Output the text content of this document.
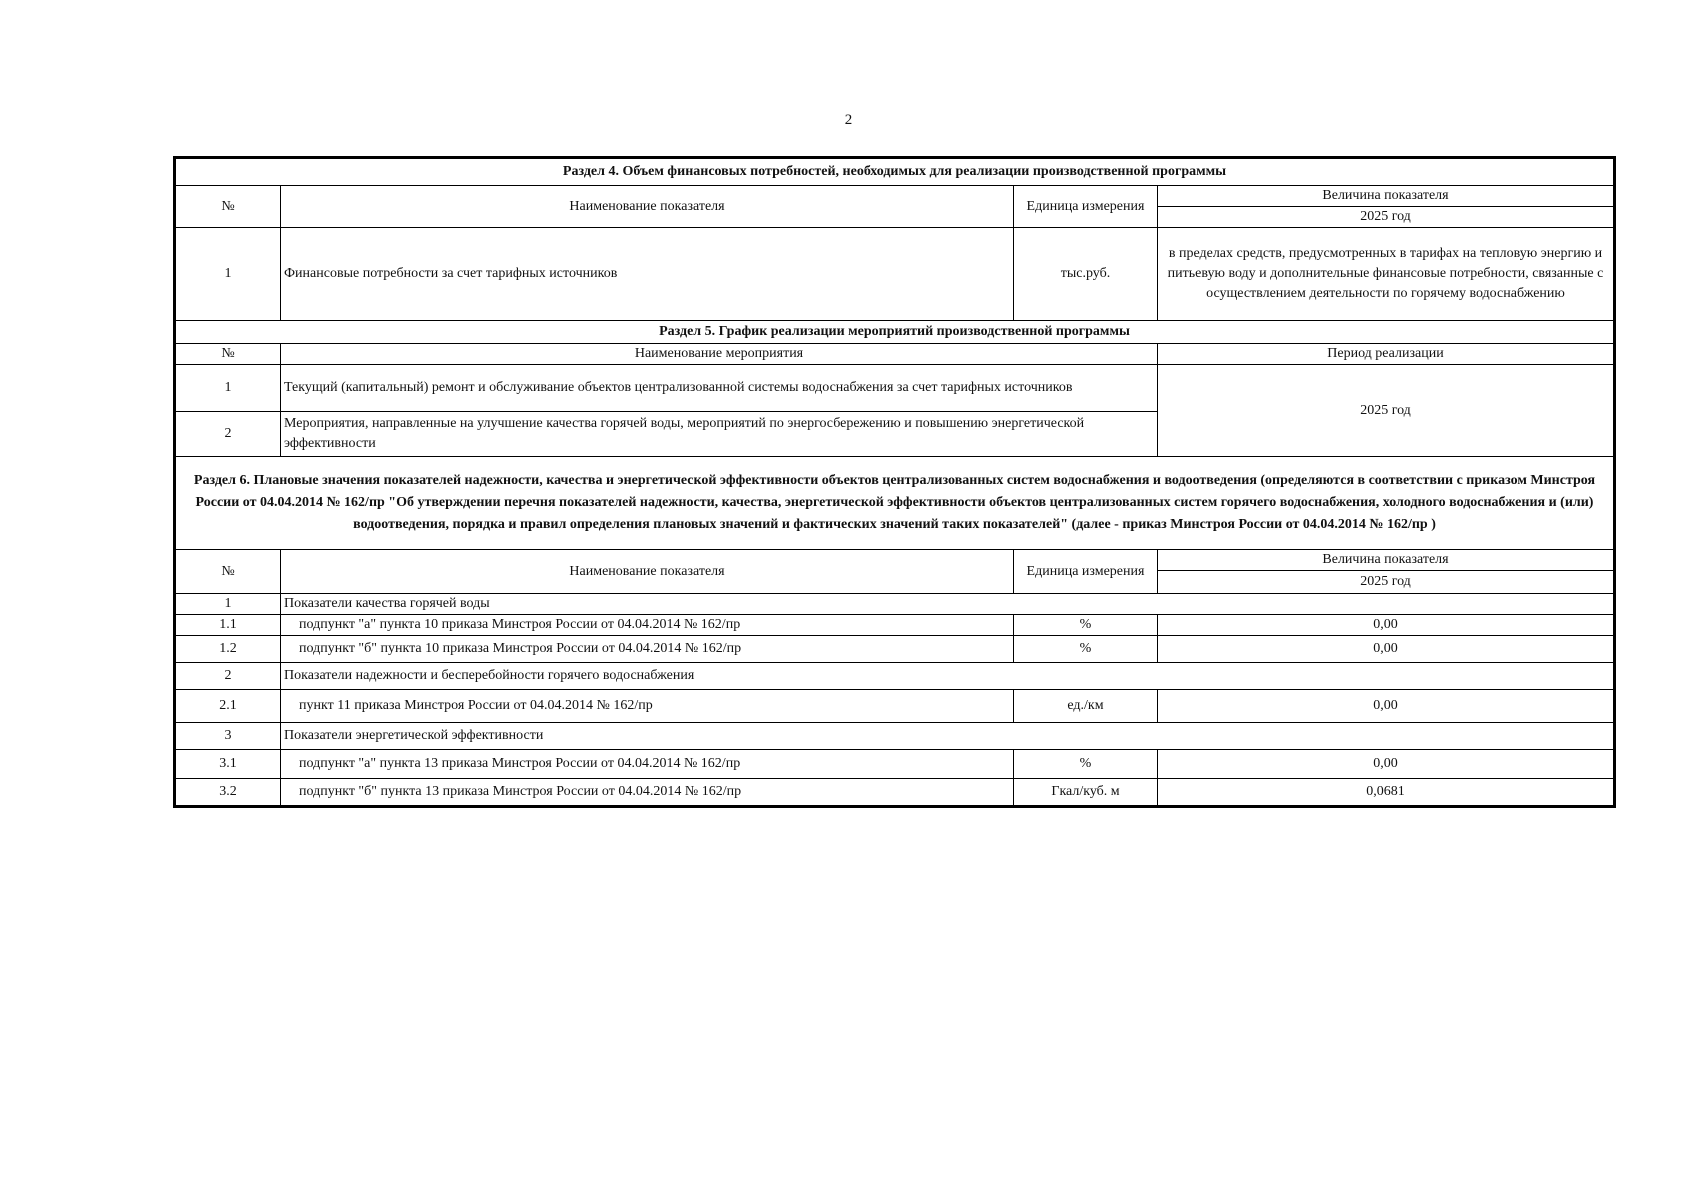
2
Раздел 4. Объем финансовых потребностей, необходимых для реализации производственной программы			
№	Наименование показателя	Единица измерения	Величина показателя
			2025 год
1	Финансовые потребности за счет тарифных источников	тыс.руб.	в пределах средств, предусмотренных в тарифах на тепловую энергию и питьевую воду и дополнительные финансовые потребности, связанные с осуществлением деятельности по горячему водоснабжению
Раздел 5. График реализации мероприятий производственной программы			
№	Наименование мероприятия		Период реализации
1	Текущий (капитальный) ремонт и обслуживание объектов централизованной системы водоснабжения за счет тарифных источников		2025 год
2	Мероприятия, направленные на улучшение качества горячей воды, мероприятий по энергосбережению и повышению энергетической эффективности		
Раздел 6. Плановые значения показателей надежности, качества и энергетической эффективности объектов централизованных систем водоснабжения и водоотведения (определяются в соответствии с приказом Минстроя России от 04.04.2014 № 162/пр "Об утверждении перечня показателей надежности, качества, энергетической эффективности объектов централизованных систем горячего водоснабжения, холодного водоснабжения и (или) водоотведения, порядка и правил определения плановых значений и фактических значений таких показателей" (далее - приказ Минстроя России от 04.04.2014 № 162/пр )			
№	Наименование показателя	Единица измерения	Величина показателя
			2025 год
1	Показатели качества горячей воды		
1.1	подпункт "а" пункта 10 приказа Минстроя России от 04.04.2014 № 162/пр	%	0,00
1.2	подпункт "б" пункта 10 приказа Минстроя России от 04.04.2014 № 162/пр	%	0,00
2	Показатели надежности и бесперебойности горячего водоснабжения		
2.1	пункт 11 приказа Минстроя России от 04.04.2014 № 162/пр	ед./км	0,00
3	Показатели энергетической эффективности		
3.1	подпункт "а" пункта 13 приказа Минстроя России от 04.04.2014 № 162/пр	%	0,00
3.2	подпункт "б" пункта 13 приказа Минстроя России от 04.04.2014 № 162/пр	Гкал/куб. м	0,0681
